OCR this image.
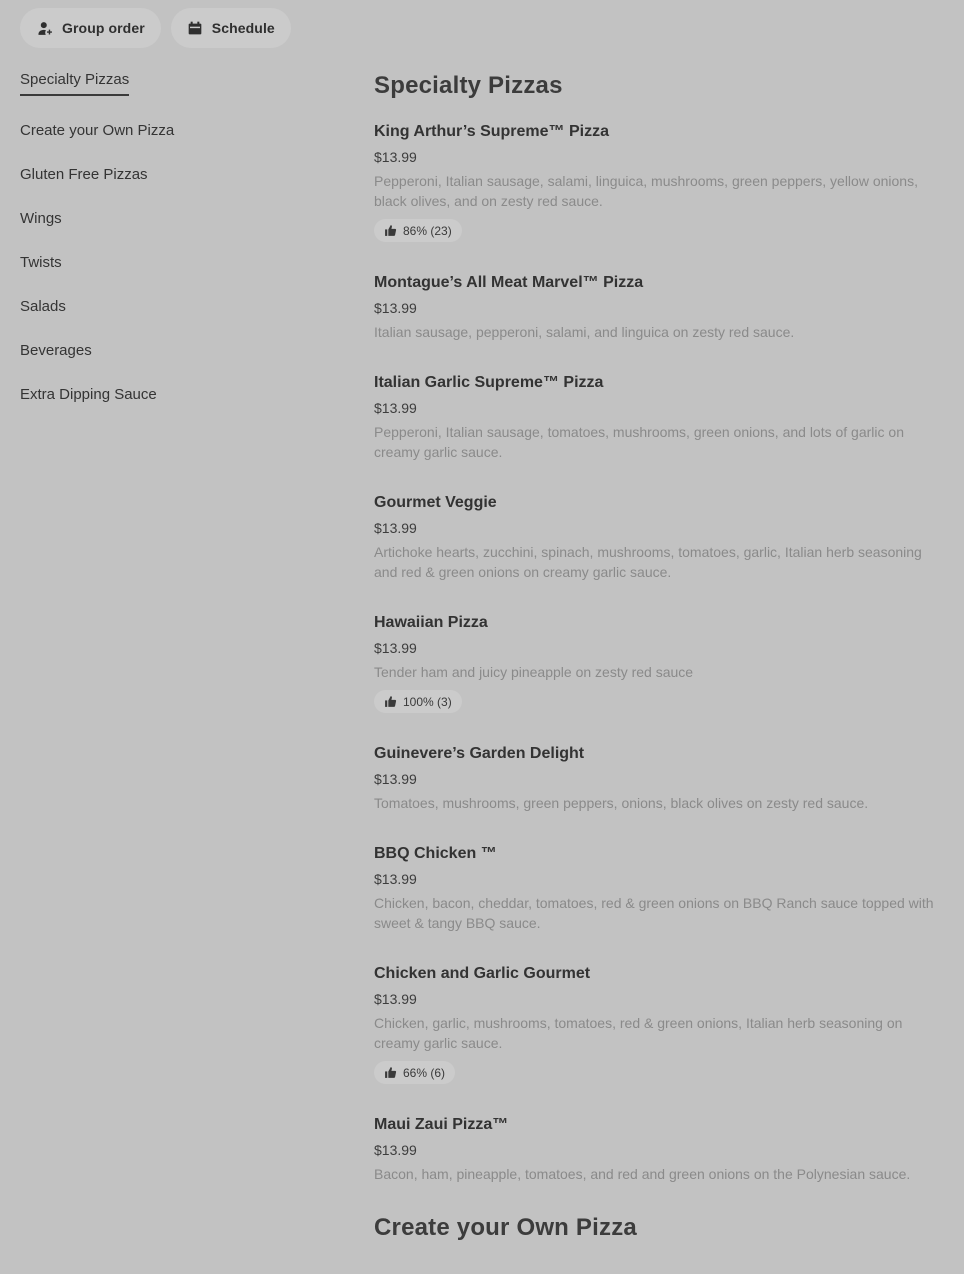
Group order	Schedule
Specialty Pizzas
Create your Own Pizza
Gluten Free Pizzas
Wings
Twists
Salads
Beverages
Extra Dipping Sauce
Specialty Pizzas
King Arthur’s Supreme™ Pizza
$13.99
Pepperoni, Italian sausage, salami, linguica, mushrooms, green peppers, yellow onions, black olives, and on zesty red sauce.
86% (23)
Montague’s All Meat Marvel™ Pizza
$13.99
Italian sausage, pepperoni, salami, and linguica on zesty red sauce.
Italian Garlic Supreme™ Pizza
$13.99
Pepperoni, Italian sausage, tomatoes, mushrooms, green onions, and lots of garlic on creamy garlic sauce.
Gourmet Veggie
$13.99
Artichoke hearts, zucchini, spinach, mushrooms, tomatoes, garlic, Italian herb seasoning and red & green onions on creamy garlic sauce.
Hawaiian Pizza
$13.99
Tender ham and juicy pineapple on zesty red sauce
100% (3)
Guinevere’s Garden Delight
$13.99
Tomatoes, mushrooms, green peppers, onions, black olives on zesty red sauce.
BBQ Chicken ™
$13.99
Chicken, bacon, cheddar, tomatoes, red & green onions on BBQ Ranch sauce topped with sweet & tangy BBQ sauce.
Chicken and Garlic Gourmet
$13.99
Chicken, garlic, mushrooms, tomatoes, red & green onions, Italian herb seasoning on creamy garlic sauce.
66% (6)
Maui Zaui Pizza™
$13.99
Bacon, ham, pineapple, tomatoes, and red and green onions on the Polynesian sauce.
Create your Own Pizza
